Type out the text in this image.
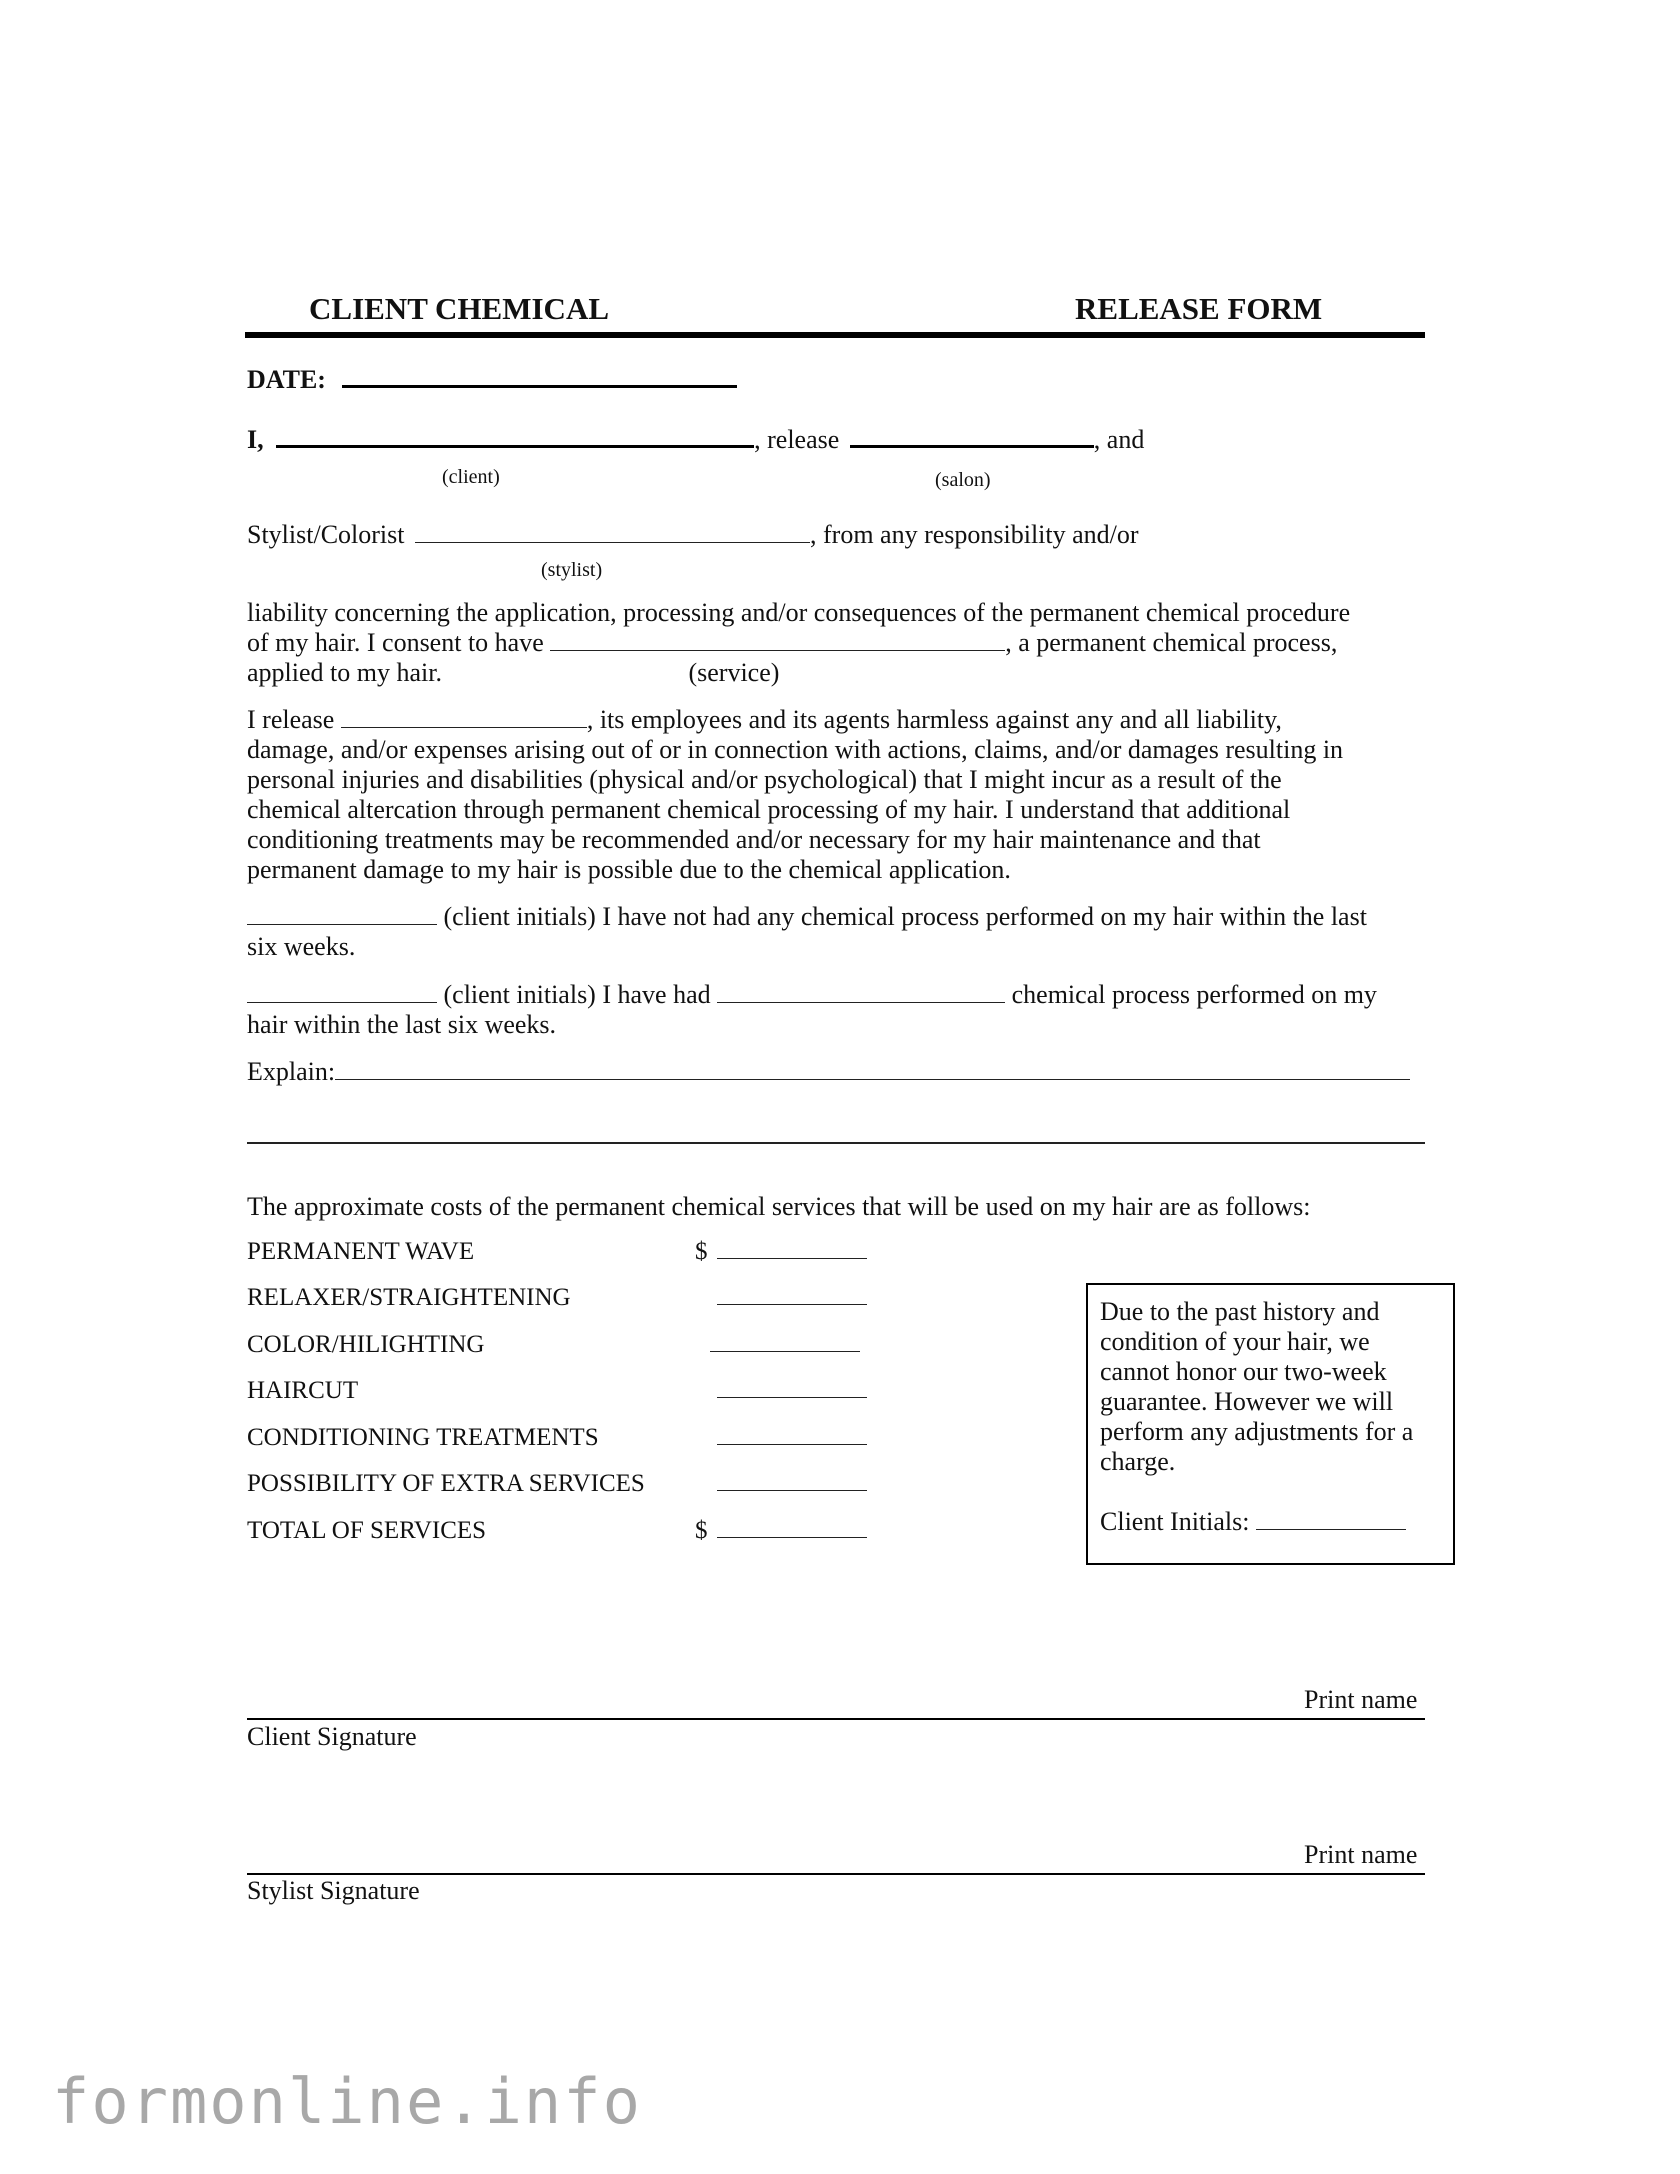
CLIENT CHEMICAL	RELEASE FORM
DATE:
I,	, release	, and
(client)	(salon)
Stylist/Colorist	, from any responsibility and/or
(stylist)
liability concerning the application, processing and/or consequences of the permanent chemical procedure
of my hair. I consent to have	, a permanent chemical process,
applied to my hair.	(service)
I release	, its employees and its agents harmless against any and all liability,
damage, and/or expenses arising out of or in connection with actions, claims, and/or damages resulting in
personal injuries and disabilities (physical and/or psychological) that I might incur as a result of the
chemical altercation through permanent chemical processing of my hair. I understand that additional
conditioning treatments may be recommended and/or necessary for my hair maintenance and that
permanent damage to my hair is possible due to the chemical application.
(client initials) I have not had any chemical process performed on my hair within the last
six weeks.
(client initials) I have had	chemical process performed on my
hair within the last six weeks.
Explain:
The approximate costs of the permanent chemical services that will be used on my hair are as follows:
PERMANENT WAVE	$
RELAXER/STRAIGHTENING
COLOR/HILIGHTING
HAIRCUT
CONDITIONING TREATMENTS
POSSIBILITY OF EXTRA SERVICES
TOTAL OF SERVICES	$
Due to the past history and
condition of your hair, we
cannot honor our two-week
guarantee. However we will
perform any adjustments for a
charge.
Client Initials:
Print name
Client Signature
Print name
Stylist Signature
formonline.info
